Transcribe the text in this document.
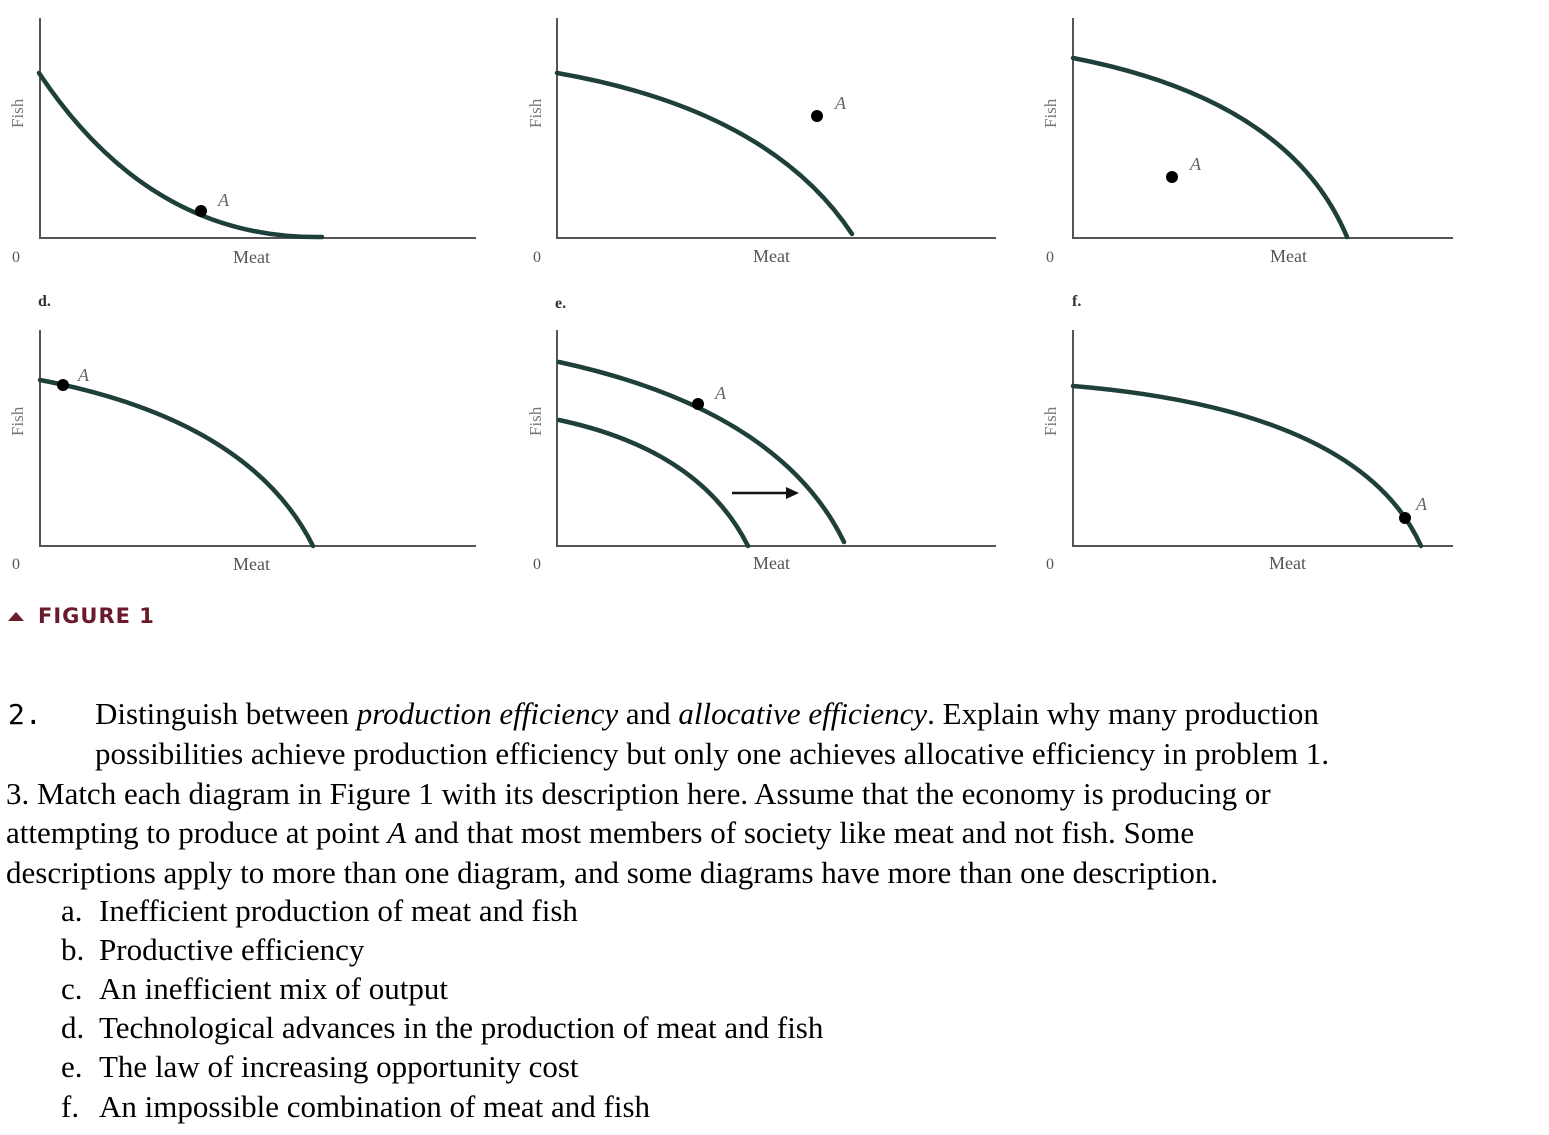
A
A
A
A
A
A
Fish	Fish	Fish
Fish	Fish	Fish
Meat	Meat	Meat
Meat	Meat	Meat
0	0	0
0	0	0
d.	e.	f.
FIGURE 1
2. Distinguish between production efficiency and allocative efficiency. Explain why many production
possibilities achieve production efficiency but only one achieves allocative efficiency in problem 1.
3. Match each diagram in Figure 1 with its description here. Assume that the economy is producing or
attempting to produce at point A and that most members of society like meat and not fish. Some
descriptions apply to more than one diagram, and some diagrams have more than one description.
a. Inefficient production of meat and fish
b. Productive efficiency
c. An inefficient mix of output
d. Technological advances in the production of meat and fish
e. The law of increasing opportunity cost
f. An impossible combination of meat and fish
